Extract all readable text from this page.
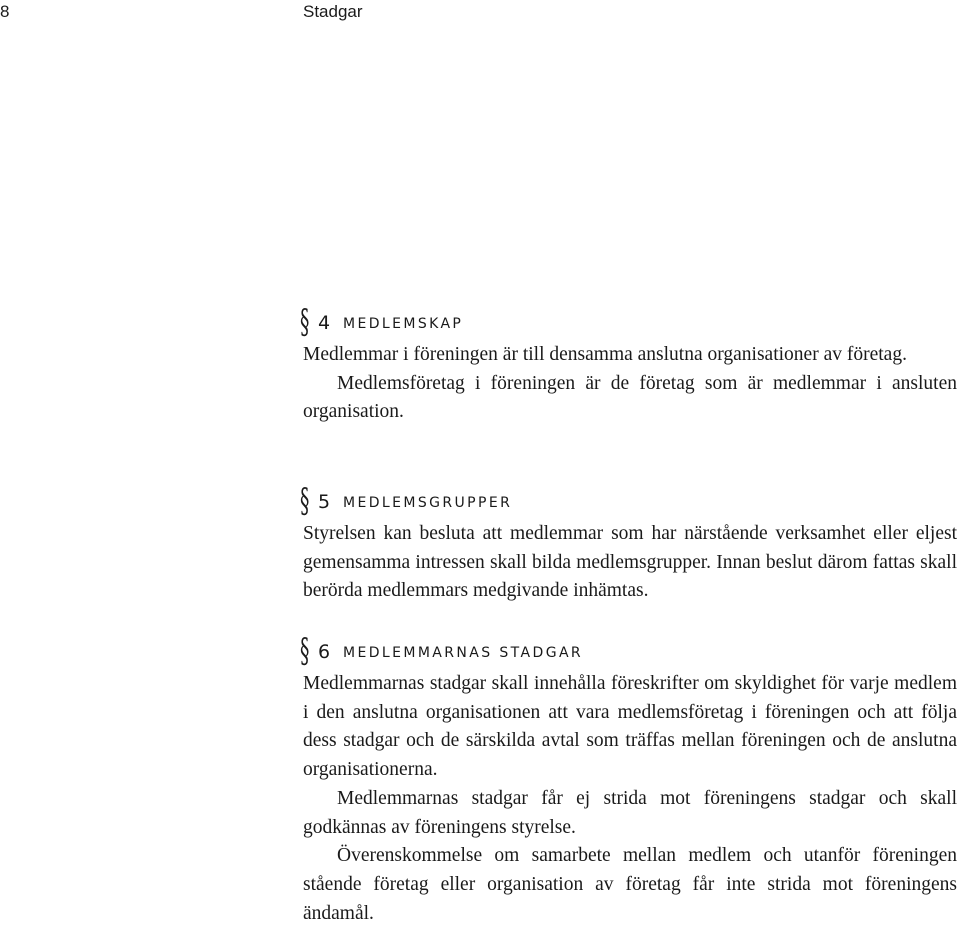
8	Stadgar
§ 4 MEDLEMSKAP

Medlemmar i föreningen är till densamma anslutna organisationer av företag.

Medlemsföretag i föreningen är de företag som är medlemmar i ansluten organisation.

§ 5 MEDLEMSGRUPPER

Styrelsen kan besluta att medlemmar som har närstående verksamhet eller eljest gemensamma intressen skall bilda medlemsgrupper. Innan beslut därom fattas skall berörda medlemmars medgivande inhämtas.

§ 6 MEDLEMMARNAS STADGAR

Medlemmarnas stadgar skall innehålla föreskrifter om skyldighet för varje medlem i den anslutna organisationen att vara medlemsföretag i föreningen och att följa dess stadgar och de särskilda avtal som träffas mellan föreningen och de anslutna organisationerna.

Medlemmarnas stadgar får ej strida mot föreningens stadgar och skall godkännas av föreningens styrelse.

Överenskommelse om samarbete mellan medlem och utanför föreningen stående företag eller organisation av företag får inte strida mot föreningens ändamål.
